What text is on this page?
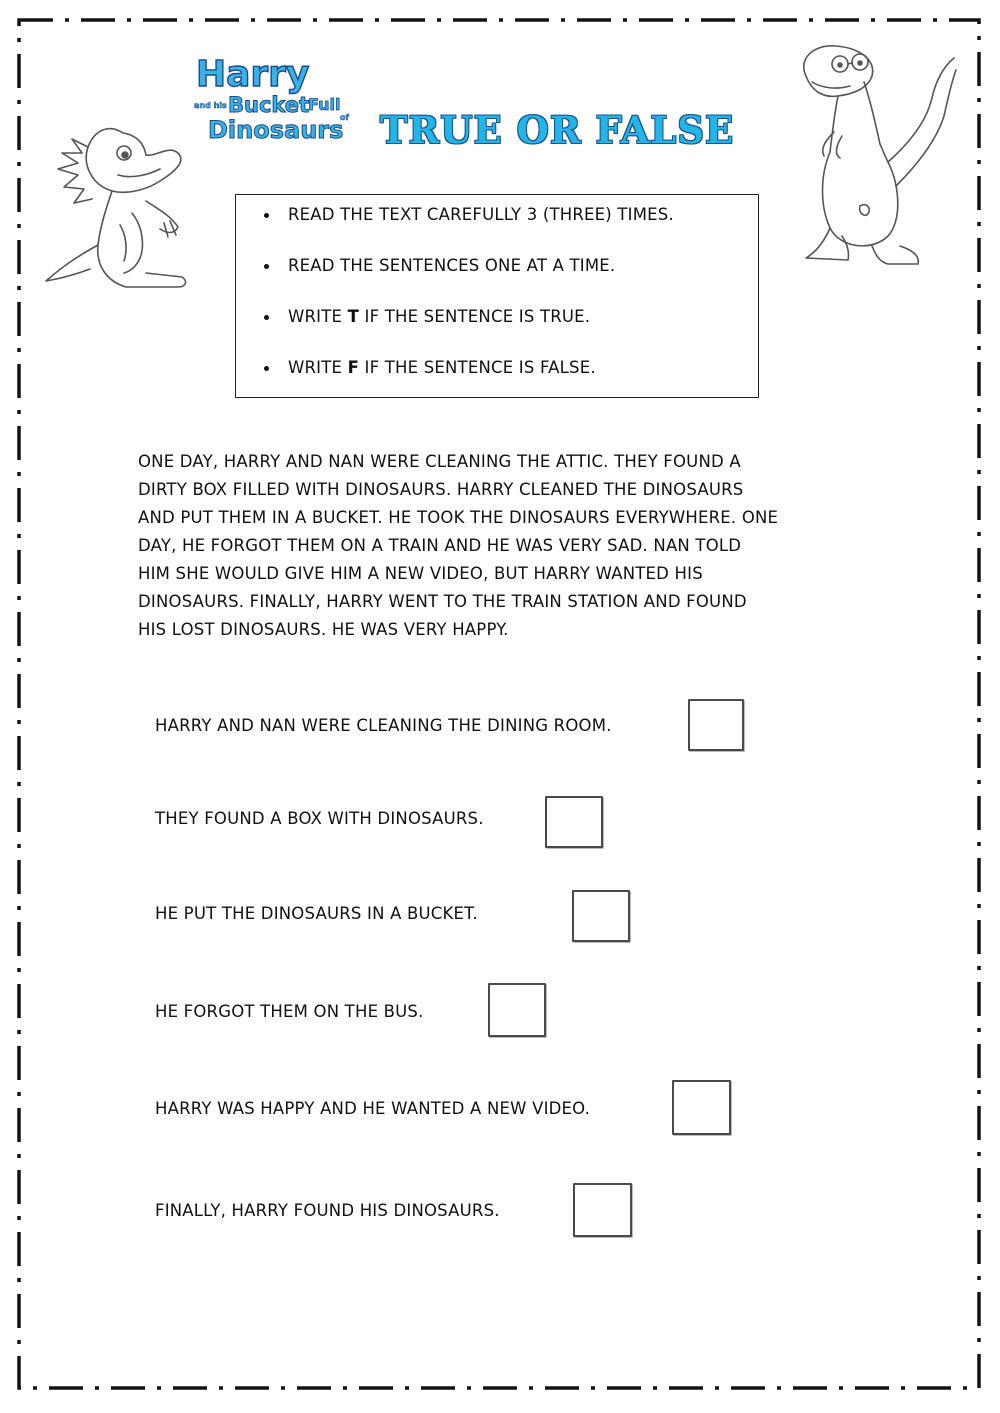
Harry
and his Bucket
Full
of
Dinosaurs TRUE OR FALSE
READ THE TEXT CAREFULLY 3 (THREE) TIMES.
READ THE SENTENCES ONE AT A TIME.
WRITE T IF THE SENTENCE IS TRUE.
WRITE F IF THE SENTENCE IS FALSE.
ONE DAY, HARRY AND NAN WERE CLEANING THE ATTIC. THEY FOUND A
DIRTY BOX FILLED WITH DINOSAURS. HARRY CLEANED THE DINOSAURS
AND PUT THEM IN A BUCKET. HE TOOK THE DINOSAURS EVERYWHERE. ONE
DAY, HE FORGOT THEM ON A TRAIN AND HE WAS VERY SAD. NAN TOLD
HIM SHE WOULD GIVE HIM A NEW VIDEO, BUT HARRY WANTED HIS
DINOSAURS. FINALLY, HARRY WENT TO THE TRAIN STATION AND FOUND
HIS LOST DINOSAURS. HE WAS VERY HAPPY.
HARRY AND NAN WERE CLEANING THE DINING ROOM.
THEY FOUND A BOX WITH DINOSAURS.
HE PUT THE DINOSAURS IN A BUCKET.
HE FORGOT THEM ON THE BUS.
HARRY WAS HAPPY AND HE WANTED A NEW VIDEO.
FINALLY, HARRY FOUND HIS DINOSAURS.
